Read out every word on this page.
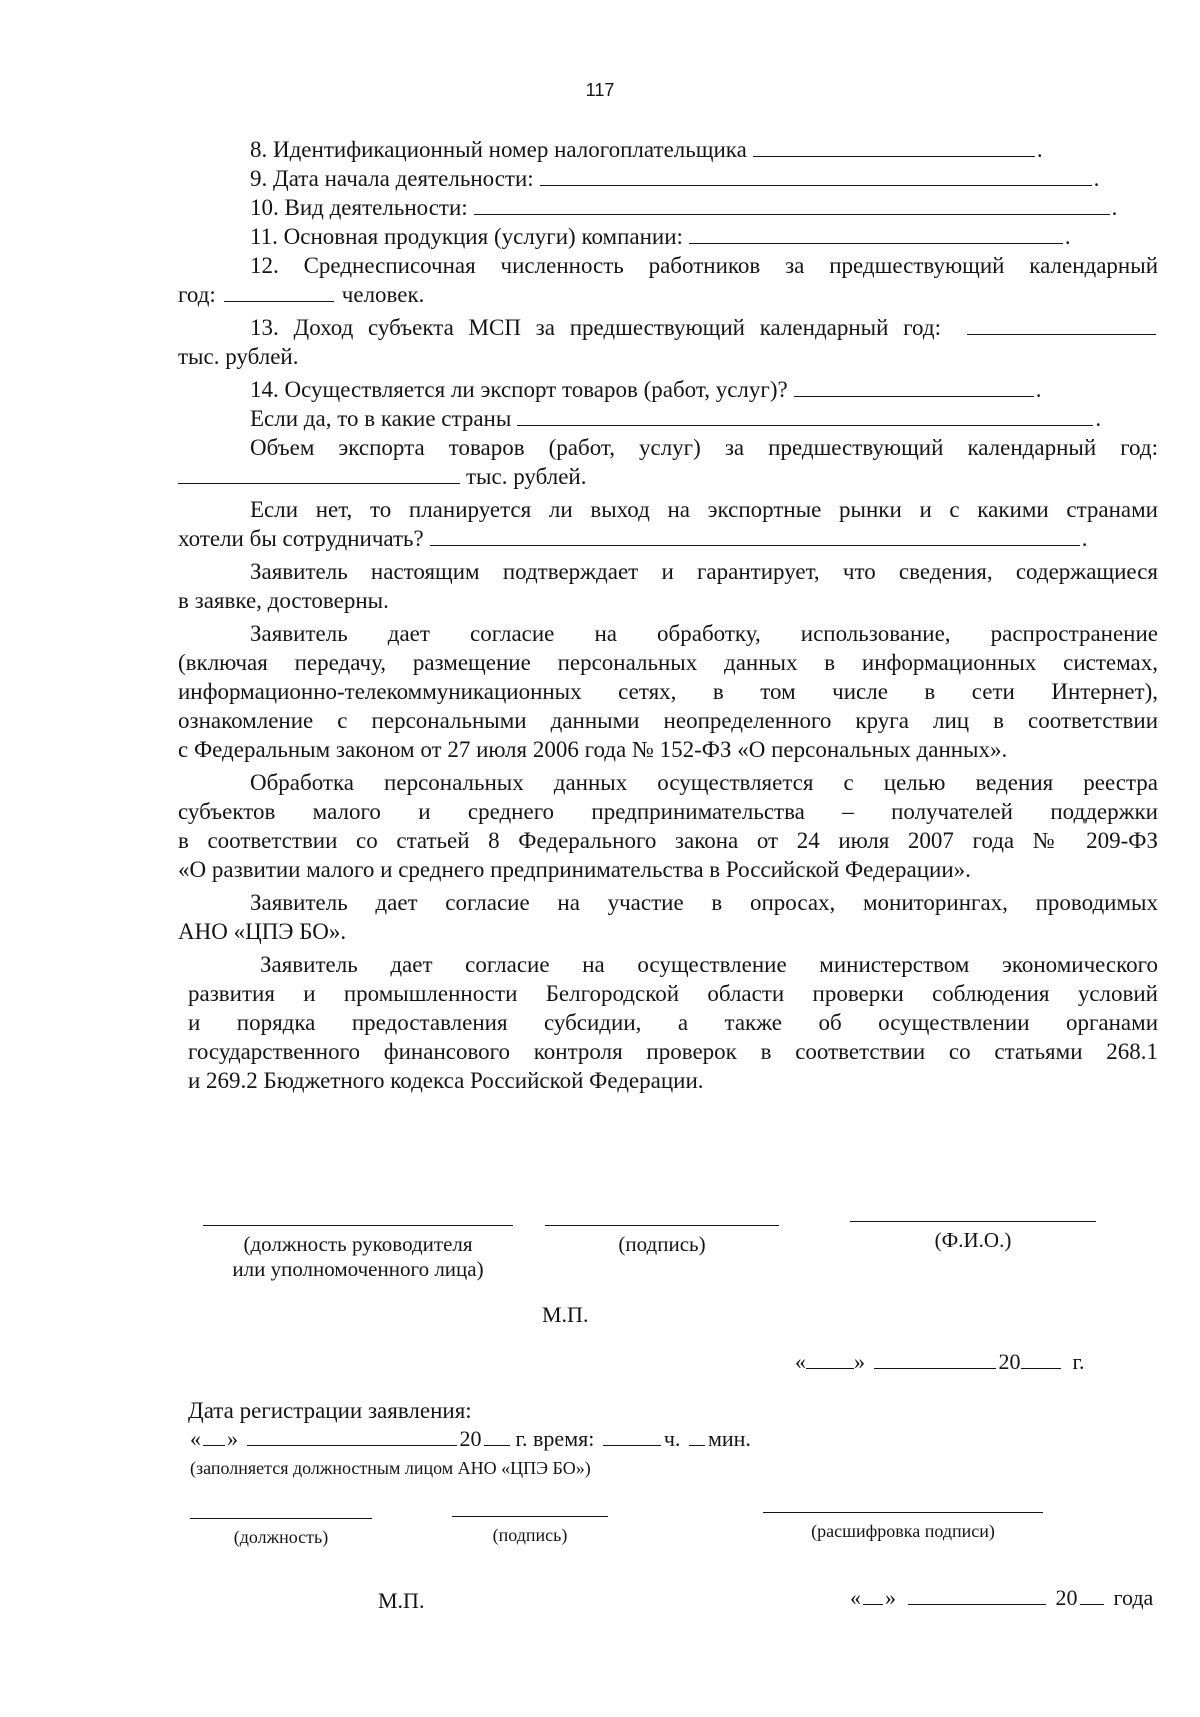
117
8. Идентификационный номер налогоплательщика	.
9. Дата начала деятельности:	.
10. Вид деятельности:	.
11. Основная продукция (услуги) компании:	.
12. Среднесписочная численность работников за предшествующий календарный
год:	человек.
13. Доход субъекта МСП за предшествующий календарный год:
тыс. рублей.
14. Осуществляется ли экспорт товаров (работ, услуг)?	.
Если да, то в какие страны	.
Объем экспорта товаров (работ, услуг) за предшествующий календарный год:
тыс. рублей.
Если нет, то планируется ли выход на экспортные рынки и с какими странами
хотели бы сотрудничать?	.
Заявитель настоящим подтверждает и гарантирует, что сведения, содержащиеся
в заявке, достоверны.
Заявитель дает согласие на обработку, использование, распространение
(включая передачу, размещение персональных данных в информационных системах,
информационно-телекоммуникационных сетях, в том числе в сети Интернет),
ознакомление с персональными данными неопределенного круга лиц в соответствии
с Федеральным законом от 27 июля 2006 года № 152-ФЗ «О персональных данных».
Обработка персональных данных осуществляется с целью ведения реестра
субъектов малого и среднего предпринимательства – получателей поддержки
в соответствии со статьей 8 Федерального закона от 24 июля 2007 года № 209-ФЗ
«О развитии малого и среднего предпринимательства в Российской Федерации».
Заявитель дает согласие на участие в опросах, мониторингах, проводимых
АНО «ЦПЭ БО».
Заявитель дает согласие на осуществление министерством экономического
развития и промышленности Белгородской области проверки соблюдения условий
и порядка предоставления субсидии, а также об осуществлении органами
государственного финансового контроля проверок в соответствии со статьями 268.1
и 269.2 Бюджетного кодекса Российской Федерации.
(должность руководителя
или уполномоченного лица)
(подпись)	(Ф.И.О.)
М.П.
« »	20 г.
Дата регистрации заявления:
« »	20 г. время:	ч. мин.
(заполняется должностным лицом АНО «ЦПЭ БО»)
(должность)	(подпись)	(расшифровка подписи)
М.П.	« »	20 года
